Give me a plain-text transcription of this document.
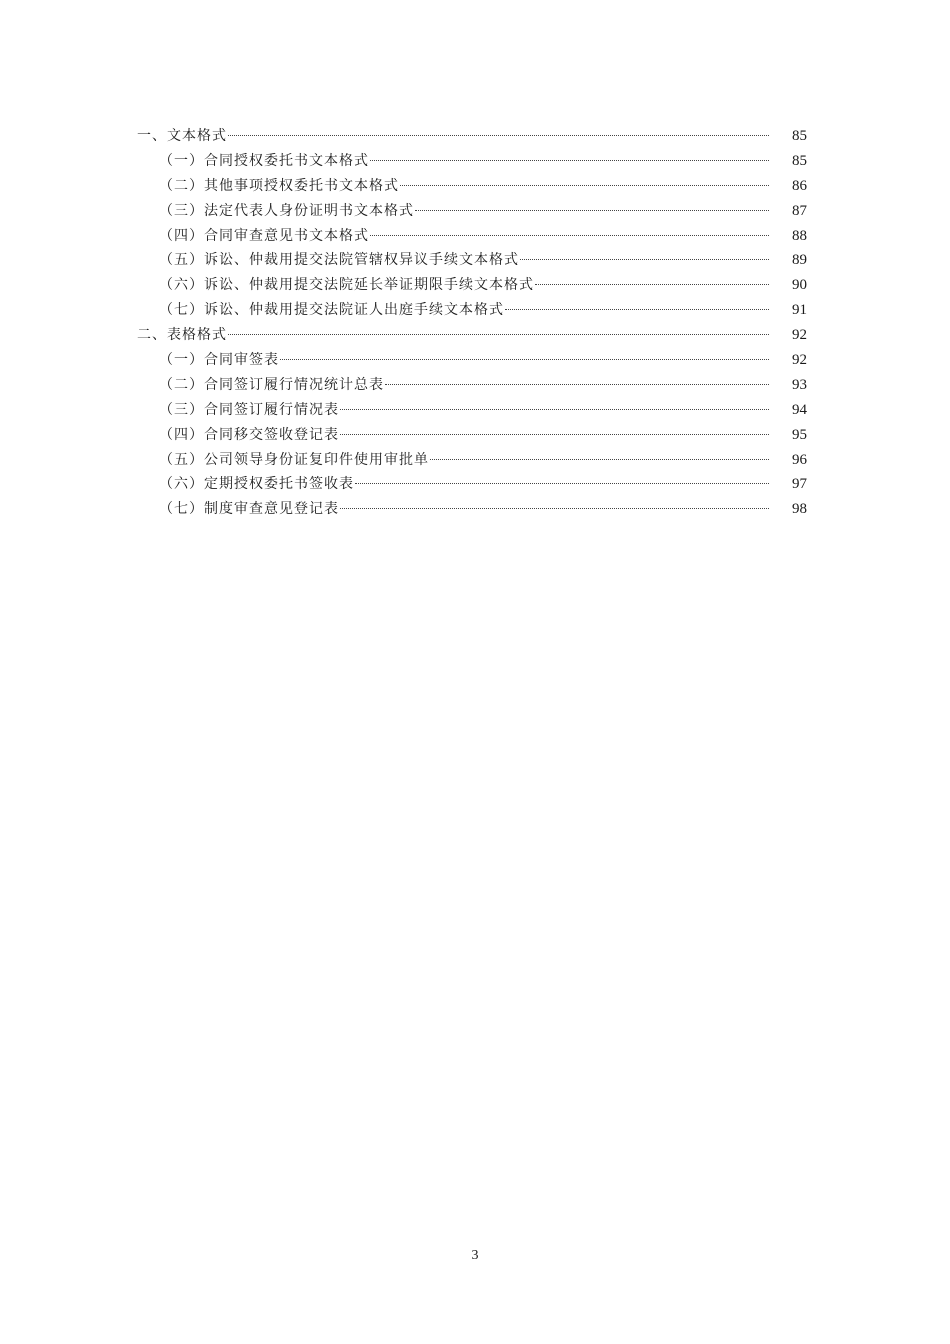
一、文本格式	85
（一）合同授权委托书文本格式	85
（二）其他事项授权委托书文本格式	86
（三）法定代表人身份证明书文本格式	87
（四）合同审查意见书文本格式	88
（五）诉讼、仲裁用提交法院管辖权异议手续文本格式	89
（六）诉讼、仲裁用提交法院延长举证期限手续文本格式	90
（七）诉讼、仲裁用提交法院证人出庭手续文本格式	91
二、表格格式	92
（一）合同审签表	92
（二）合同签订履行情况统计总表	93
（三）合同签订履行情况表	94
（四）合同移交签收登记表	95
（五）公司领导身份证复印件使用审批单	96
（六）定期授权委托书签收表	97
（七）制度审查意见登记表	98
3
